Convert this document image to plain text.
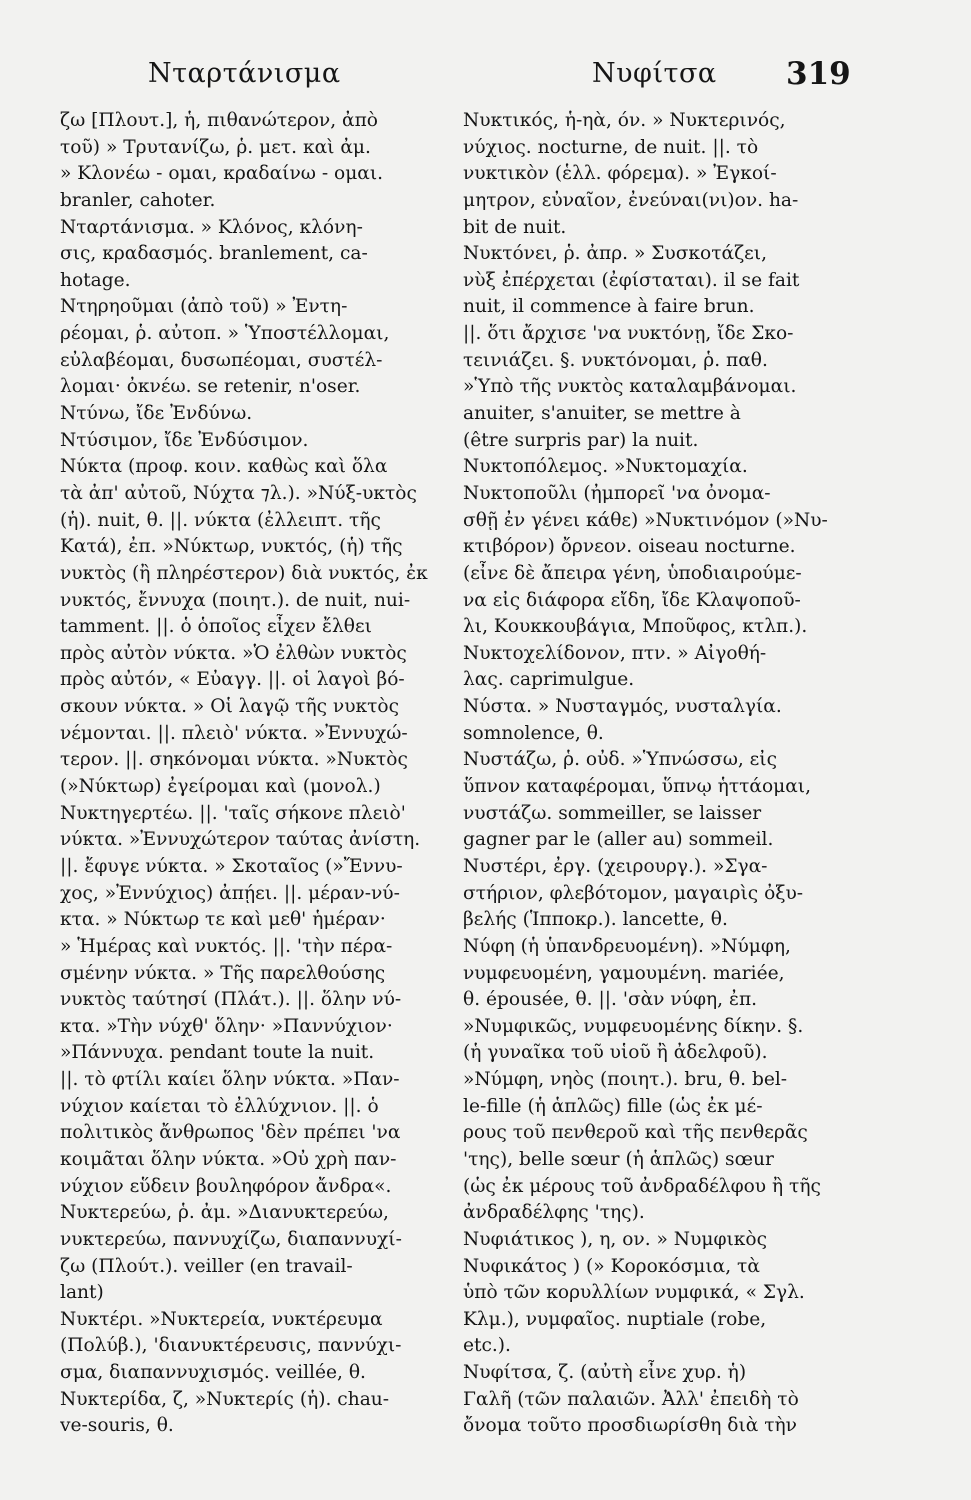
Νταρτάνισμα	Νυφίτσα 319
ζω [Πλουτ.], ἡ, πιθανώτερον, ἀπὸ
τοῦ) » Τρυτανίζω, ῥ. μετ. καὶ ἀμ.
» Κλονέω - ομαι, κραδαίνω - ομαι.
branler, cahoter.
Νταρτάνισμα. » Κλόνος, κλόνη-
σις, κραδασμός. branlement, ca-
hotage.
Ντηρηοῦμαι (ἀπὸ τοῦ) » Ἐντη-
ρέομαι, ῥ. αὐτοπ. » Ὑποστέλλομαι,
εὐλαβέομαι, δυσωπέομαι, συστέλ-
λομαι· ὀκνέω. se retenir, n'oser.
Ντύνω, ἴδε Ἐνδύνω.
Ντύσιμον, ἴδε Ἐνδύσιμον.
Νύκτα (προφ. κοιν. καθὼς καὶ ὅλα
τὰ ἀπ' αὐτοῦ, Νύχτα ⁊λ.). »Νύξ-υκτὸς
(ἡ). nuit, θ. ||. νύκτα (ἐλλειπτ. τῆς
Κατά), ἐπ. »Νύκτωρ, νυκτός, (ἡ) τῆς
νυκτὸς (ἢ πληρέστερον) διὰ νυκτός, ἐκ
νυκτός, ἔννυχα (ποιητ.). de nuit, nui-
tamment. ||. ὁ ὁποῖος εἶχεν ἔλθει
πρὸς αὐτὸν νύκτα. »Ὁ ἐλθὼν νυκτὸς
πρὸς αὐτόν, « Εὐαγγ. ||. οἱ λαγοὶ βό-
σκουν νύκτα. » Οἱ λαγῷ τῆς νυκτὸς
νέμονται. ||. πλειὸ' νύκτα. »Ἐννυχώ-
τερον. ||. σηκόνομαι νύκτα. »Νυκτὸς
(»Νύκτωρ) ἐγείρομαι καὶ (μονολ.)
Νυκτηγερτέω. ||. 'ταῖς σήκονε πλειὸ'
νύκτα. »Ἐννυχώτερον ταύτας ἀνίστη.
||. ἔφυγε νύκτα. » Σκοταῖος (»Ἔννυ-
χος, »Ἐννύχιος) ἀπῄει. ||. μέραν-νύ-
κτα. » Νύκτωρ τε καὶ μεθ' ἡμέραν·
» Ἡμέρας καὶ νυκτός. ||. 'τὴν πέρα-
σμένην νύκτα. » Τῆς παρελθούσης
νυκτὸς ταύτησί (Πλάτ.). ||. ὅλην νύ-
κτα. »Τὴν νύχθ' ὅλην· »Παννύχιον·
»Πάννυχα. pendant toute la nuit.
||. τὸ φτίλι καίει ὅλην νύκτα. »Παν-
νύχιον καίεται τὸ ἐλλύχνιον. ||. ὁ
πολιτικὸς ἄνθρωπος 'δὲν πρέπει 'να
κοιμᾶται ὅλην νύκτα. »Οὐ χρὴ παν-
νύχιον εὕδειν βουληφόρον ἄνδρα«.
Νυκτερεύω, ῥ. ἀμ. »Διανυκτερεύω,
νυκτερεύω, παννυχίζω, διαπαννυχί-
ζω (Πλούτ.). veiller (en travail-
lant)
Νυκτέρι. »Νυκτερεία, νυκτέρευμα
(Πολύβ.), 'διανυκτέρευσις, παννύχι-
σμα, διαπαννυχισμός. veillée, θ.
Νυκτερίδα, ζ, »Νυκτερίς (ἡ). chau-
ve-souris, θ.
Νυκτικός, ἡ-ηὰ, όν. » Νυκτερινός,
νύχιος. nocturne, de nuit. ||. τὸ
νυκτικὸν (ἑλλ. φόρεμα). » Ἐγκοί-
μητρον, εὐναῖον, ἐνεύναι(νι)ον. ha-
bit de nuit.
Νυκτόνει, ῥ. ἀπρ. » Συσκοτάζει,
νὺξ ἐπέρχεται (ἐφίσταται). il se fait
nuit, il commence à faire brun.
||. ὅτι ἄρχισε 'να νυκτόνῃ, ἴδε Σκο-
τεινιάζει. §. νυκτόνομαι, ῥ. παθ.
»Ὑπὸ τῆς νυκτὸς καταλαμβάνομαι.
anuiter, s'anuiter, se mettre à
(être surpris par) la nuit.
Νυκτοπόλεμος. »Νυκτομαχία.
Νυκτοποῦλι (ἠμπορεῖ 'να ὀνομα-
σθῇ ἐν γένει κάθε) »Νυκτινόμον (»Νυ-
κτιβόρον) ὄρνεον. oiseau nocturne.
(εἶνε δὲ ἄπειρα γένη, ὑποδιαιρούμε-
να εἰς διάφορα εἴδη, ἴδε Κλαψοποῦ-
λι, Κουκκουβάγια, Μποῦφος, κτλπ.).
Νυκτοχελίδονον, πτν. » Αἰγοθή-
λας. caprimulgue.
Νύστα. » Νυσταγμός, νυσταλγία.
somnolence, θ.
Νυστάζω, ῥ. οὐδ. »Ὑπνώσσω, εἰς
ὕπνον καταφέρομαι, ὕπνῳ ἡττάομαι,
νυστάζω. sommeiller, se laisser
gagner par le (aller au) sommeil.
Νυστέρι, ἐργ. (χειρουργ.). »Σγα-
στήριον, φλεβότομον, μαγαιρὶς ὀξυ-
βελής (Ἱπποκρ.). lancette, θ.
Νύφη (ἡ ὑπανδρευομένη). »Νύμφη,
νυμφευομένη, γαμουμένη. mariée,
θ. épousée, θ. ||. 'σὰν νύφη, ἐπ.
»Νυμφικῶς, νυμφευομένης δίκην. §.
(ἡ γυναῖκα τοῦ υἱοῦ ἢ ἀδελφοῦ).
»Νύμφη, νηὸς (ποιητ.). bru, θ. bel-
le-fille (ἡ ἁπλῶς) fille (ὡς ἐκ μέ-
ρους τοῦ πενθεροῦ καὶ τῆς πενθερᾶς
'της), belle sœur (ἡ ἁπλῶς) sœur
(ὡς ἐκ μέρους τοῦ ἀνδραδέλφου ἢ τῆς
ἀνδραδέλφης 'της).
Νυφιάτικος ), η, ον. » Νυμφικὸς
Νυφικάτος ) (» Κοροκόσμια, τὰ
ὑπὸ τῶν κορυλλίων νυμφικά, « Σγλ.
Κλμ.), νυμφαῖος. nuptiale (robe,
etc.).
Νυφίτσα, ζ. (αὐτὴ εἶνε χυρ. ἡ)
Γαλῆ (τῶν παλαιῶν. Ἀλλ' ἐπειδὴ τὸ
ὄνομα τοῦτο προσδιωρίσθη διὰ τὴν
